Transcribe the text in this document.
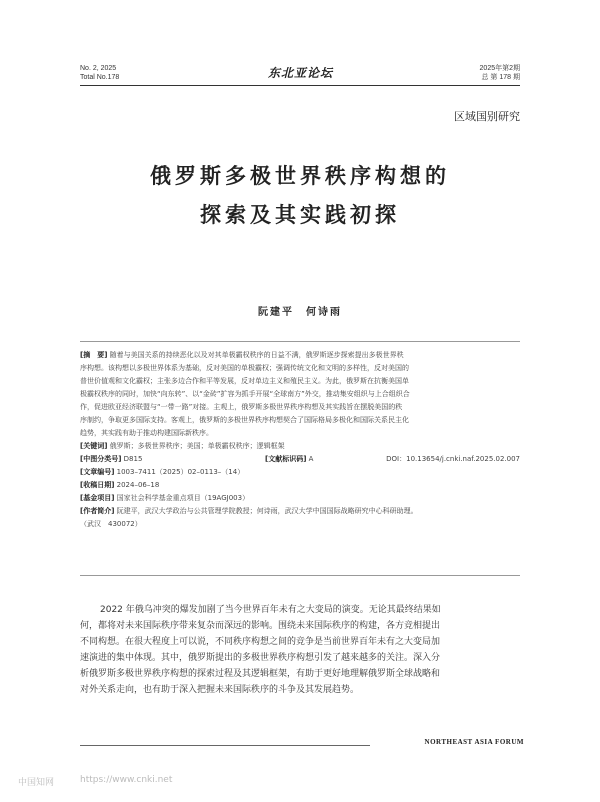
No. 2, 2025
Total No.178	东北亚论坛	2025年第2期
总 第 178 期
区域国别研究
俄罗斯多极世界秩序构想的
探索及其实践初探
阮建平　何诗雨
[摘　要] 随着与美国关系的持续恶化以及对其单极霸权秩序的日益不满，俄罗斯逐步探索提出多极世界秩
序构想。该构想以多极世界体系为基础，反对美国的单极霸权；强调传统文化和文明的多样性，反对美国的
普世价值观和文化霸权；主张多边合作和平等发展，反对单边主义和殖民主义。为此，俄罗斯在抗衡美国单
极霸权秩序的同时，加快“向东转”、以“金砖”扩容为抓手开展“全球南方”外交，推动集安组织与上合组织合
作，促进欧亚经济联盟与“一带一路”对接。主观上，俄罗斯多极世界秩序构想及其实践旨在摆脱美国的秩
序制约，争取更多国际支持。客观上，俄罗斯的多极世界秩序构想契合了国际格局多极化和国际关系民主化
趋势，其实践有助于推动构建国际新秩序。
[关键词] 俄罗斯；多极世界秩序；美国；单极霸权秩序；逻辑框架
[中图分类号] D815	[文献标识码] A	DOI：10.13654/j.cnki.naf.2025.02.007
[文章编号] 1003–7411（2025）02–0113–（14）
[收稿日期] 2024–06–18
[基金项目] 国家社会科学基金重点项目（19AGJ003）
[作者简介] 阮建平，武汉大学政治与公共管理学院教授；何诗雨，武汉大学中国国际战略研究中心科研助理。
（武汉　430072）
2022 年俄乌冲突的爆发加剧了当今世界百年未有之大变局的演变。无论其最终结果如
何，都将对未来国际秩序带来复杂而深远的影响。围绕未来国际秩序的构建，各方竞相提出
不同构想。在很大程度上可以说，不同秩序构想之间的竞争是当前世界百年未有之大变局加
速演进的集中体现。其中，俄罗斯提出的多极世界秩序构想引发了越来越多的关注。深入分
析俄罗斯多极世界秩序构想的探索过程及其逻辑框架，有助于更好地理解俄罗斯全球战略和
对外关系走向，也有助于深入把握未来国际秩序的斗争及其发展趋势。
NORTHEAST ASIA FORUM
中国知网	https://www.cnki.net
